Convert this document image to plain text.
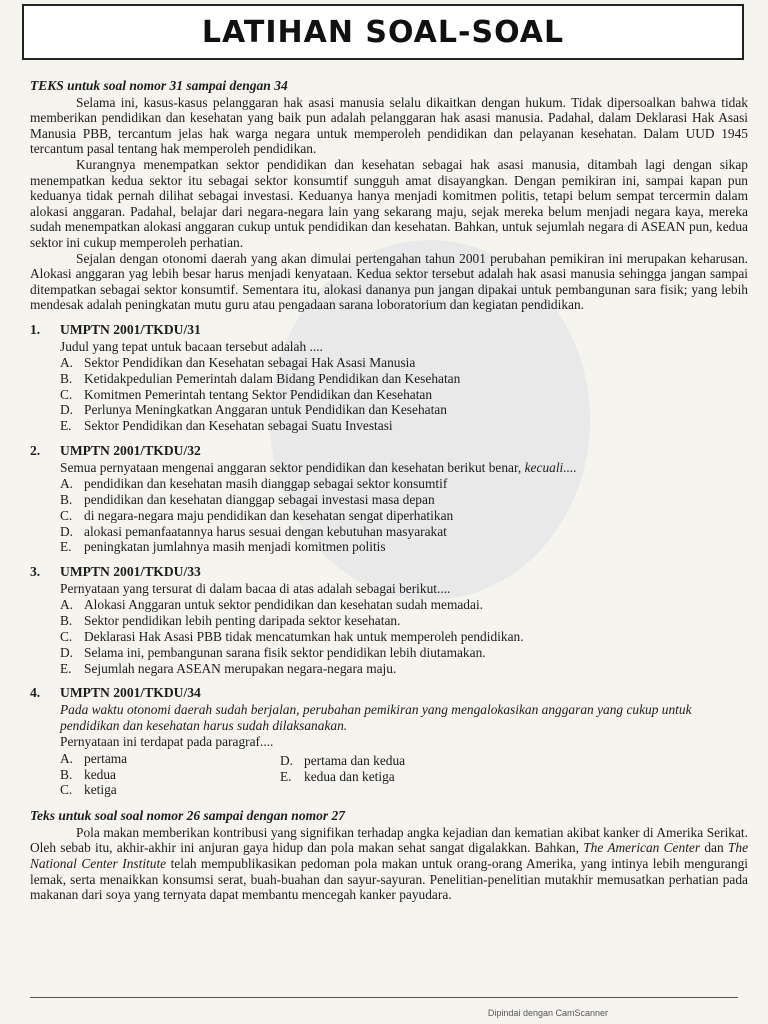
LATIHAN SOAL-SOAL
TEKS untuk soal nomor 31 sampai dengan 34

Selama ini, kasus-kasus pelanggaran hak asasi manusia selalu dikaitkan dengan hukum. Tidak dipersoalkan bahwa tidak memberikan pendidikan dan kesehatan yang baik pun adalah pelanggaran hak asasi manusia. Padahal, dalam Deklarasi Hak Asasi Manusia PBB, tercantum jelas hak warga negara untuk memperoleh pendidikan dan pelayanan kesehatan. Dalam UUD 1945 tercantum pasal tentang hak memperoleh pendidikan.

Kurangnya menempatkan sektor pendidikan dan kesehatan sebagai hak asasi manusia, ditambah lagi dengan sikap menempatkan kedua sektor itu sebagai sektor konsumtif sungguh amat disayangkan. Dengan pemikiran ini, sampai kapan pun keduanya tidak pernah dilihat sebagai investasi. Keduanya hanya menjadi komitmen politis, tetapi belum sempat tercermin dalam alokasi anggaran. Padahal, belajar dari negara-negara lain yang sekarang maju, sejak mereka belum menjadi negara kaya, mereka sudah menempatkan alokasi anggaran cukup untuk pendidikan dan kesehatan. Bahkan, untuk sejumlah negara di ASEAN pun, kedua sektor ini cukup memperoleh perhatian.

Sejalan dengan otonomi daerah yang akan dimulai pertengahan tahun 2001 perubahan pemikiran ini merupakan keharusan. Alokasi anggaran yag lebih besar harus menjadi kenyataan. Kedua sektor tersebut adalah hak asasi manusia sehingga jangan sampai ditempatkan sebagai sektor konsumtif. Sementara itu, alokasi dananya pun jangan dipakai untuk pembangunan sara fisik; yang lebih mendesak adalah peningkatan mutu guru atau pengadaan sarana loboratorium dan kegiatan pendidikan.

1.	UMPTN 2001/TKDU/31
Judul yang tepat untuk bacaan tersebut adalah ....
A. Sektor Pendidikan dan Kesehatan sebagai Hak Asasi Manusia
B. Ketidakpedulian Pemerintah dalam Bidang Pendidikan dan Kesehatan
C. Komitmen Pemerintah tentang Sektor Pendidikan dan Kesehatan
D. Perlunya Meningkatkan Anggaran untuk Pendidikan dan Kesehatan
E. Sektor Pendidikan dan Kesehatan sebagai Suatu Investasi
2.	UMPTN 2001/TKDU/32
Semua pernyataan mengenai anggaran sektor pendidikan dan kesehatan berikut benar, kecuali....
A. pendidikan dan kesehatan masih dianggap sebagai sektor konsumtif
B. pendidikan dan kesehatan dianggap sebagai investasi masa depan
C. di negara-negara maju pendidikan dan kesehatan sengat diperhatikan
D. alokasi pemanfaatannya harus sesuai dengan kebutuhan masyarakat
E. peningkatan jumlahnya masih menjadi komitmen politis
3.	UMPTN 2001/TKDU/33
Pernyataan yang tersurat di dalam bacaa di atas adalah sebagai berikut....
A. Alokasi Anggaran untuk sektor pendidikan dan kesehatan sudah memadai.
B. Sektor pendidikan lebih penting daripada sektor kesehatan.
C. Deklarasi Hak Asasi PBB tidak mencatumkan hak untuk memperoleh pendidikan.
D. Selama ini, pembangunan sarana fisik sektor pendidikan lebih diutamakan.
E. Sejumlah negara ASEAN merupakan negara-negara maju.
4.	UMPTN 2001/TKDU/34
Pada waktu otonomi daerah sudah berjalan, perubahan pemikiran yang mengalokasikan anggaran yang cukup untuk pendidikan dan kesehatan harus sudah dilaksanakan.
Pernyataan ini terdapat pada paragraf....
A. pertama
B. kedua
C. ketiga
D. pertama dan kedua
E. kedua dan ketiga
Teks untuk soal soal nomor 26 sampai dengan nomor 27

Pola makan memberikan kontribusi yang signifikan terhadap angka kejadian dan kematian akibat kanker di Amerika Serikat. Oleh sebab itu, akhir-akhir ini anjuran gaya hidup dan pola makan sehat sangat digalakkan. Bahkan, The American Center dan The National Center Institute telah mempublikasikan pedoman pola makan untuk orang-orang Amerika, yang intinya lebih mengurangi lemak, serta menaikkan konsumsi serat, buah-buahan dan sayur-sayuran. Penelitian-penelitian mutakhir memusatkan perhatian pada makanan dari soya yang ternyata dapat membantu mencegah kanker payudara.

Dipindai dengan CamScanner
